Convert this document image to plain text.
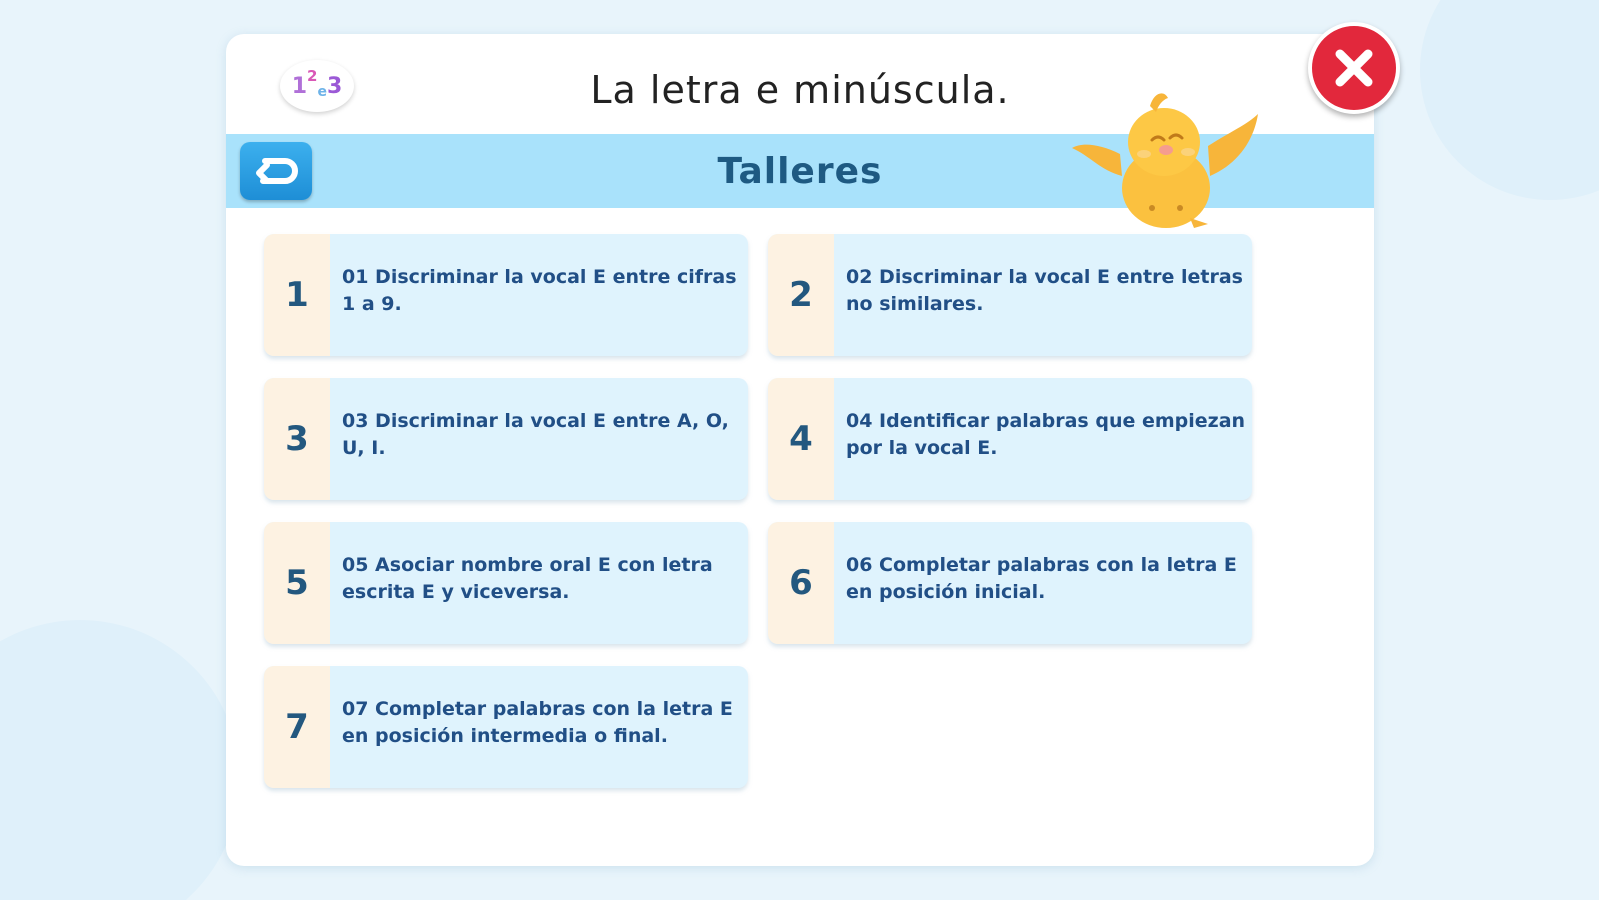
1 2
e 3	La letra e minúscula.
Talleres
1	01 Discriminar la vocal E entre cifras 1 a 9.	2	02 Discriminar la vocal E entre letras no similares.
3	03 Discriminar la vocal E entre A, O, U, I.	4	04 Identificar palabras que empiezan por la vocal E.
5	05 Asociar nombre oral E con letra escrita E y viceversa.	6	06 Completar palabras con la letra E en posición inicial.
7	07 Completar palabras con la letra E en posición intermedia o final.
